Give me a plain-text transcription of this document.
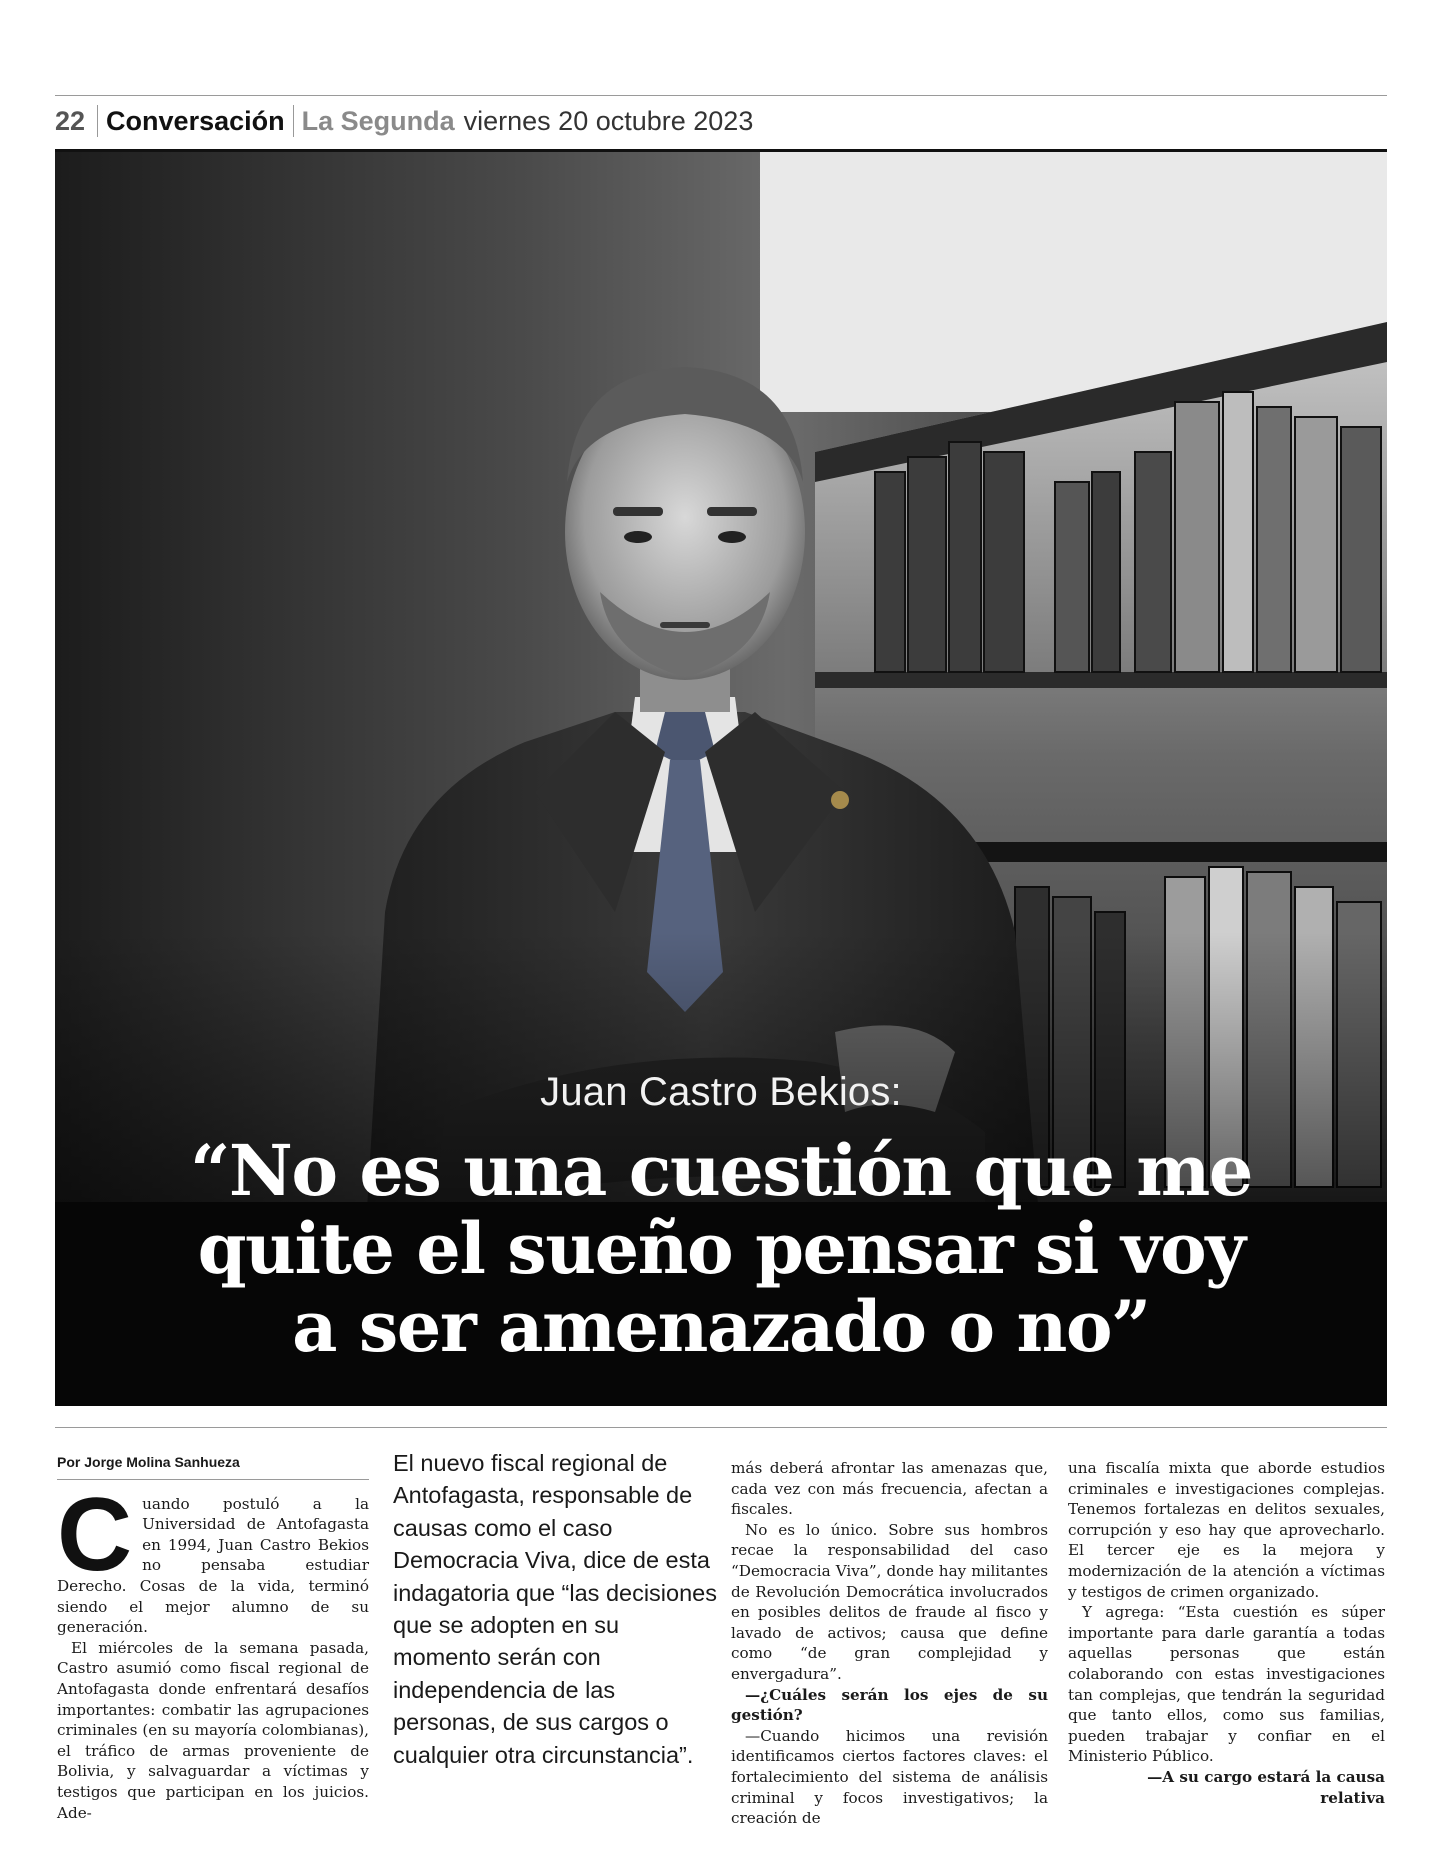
22 Conversación La Segunda viernes 20 octubre 2023
Juan Castro Bekios:
“No es una cuestión que me
quite el sueño pensar si voy
a ser amenazado o no”
Por Jorge Molina Sanhueza
C uando postuló a la Universidad de Antofagasta en 1994, Juan Castro Bekios no pensaba estudiar Derecho. Cosas de la vida, terminó siendo el mejor alumno de su generación.

El miércoles de la semana pasada, Castro asumió como fiscal regional de Antofagasta donde enfrentará desafíos importantes: combatir las agrupaciones criminales (en su mayoría colombianas), el tráfico de armas proveniente de Bolivia, y salvaguardar a víctimas y testigos que participan en los juicios. Ade-

El nuevo fiscal regional de Antofagasta, responsable de causas como el caso Democracia Viva, dice de esta indagatoria que “las decisiones que se adopten en su momento serán con independencia de las personas, de sus cargos o cualquier otra circunstancia”.

más deberá afrontar las amenazas que, cada vez con más frecuencia, afectan a fiscales.

No es lo único. Sobre sus hombros recae la responsabilidad del caso “Democracia Viva”, donde hay militantes de Revolución Democrática involucrados en posibles delitos de fraude al fisco y lavado de activos; causa que define como “de gran complejidad y envergadura”.

—¿Cuáles serán los ejes de su gestión?

—Cuando hicimos una revisión identificamos ciertos factores claves: el fortalecimiento del sistema de análisis criminal y focos investigativos; la creación de

una fiscalía mixta que aborde estudios criminales e investigaciones complejas. Tenemos fortalezas en delitos sexuales, corrupción y eso hay que aprovecharlo. El tercer eje es la mejora y modernización de la atención a víctimas y testigos de crimen organizado.

Y agrega: “Esta cuestión es súper importante para darle garantía a todas aquellas personas que están colaborando con estas investigaciones tan complejas, que tendrán la seguridad que tanto ellos, como sus familias, pueden trabajar y confiar en el Ministerio Público.

—A su cargo estará la causa relativa
